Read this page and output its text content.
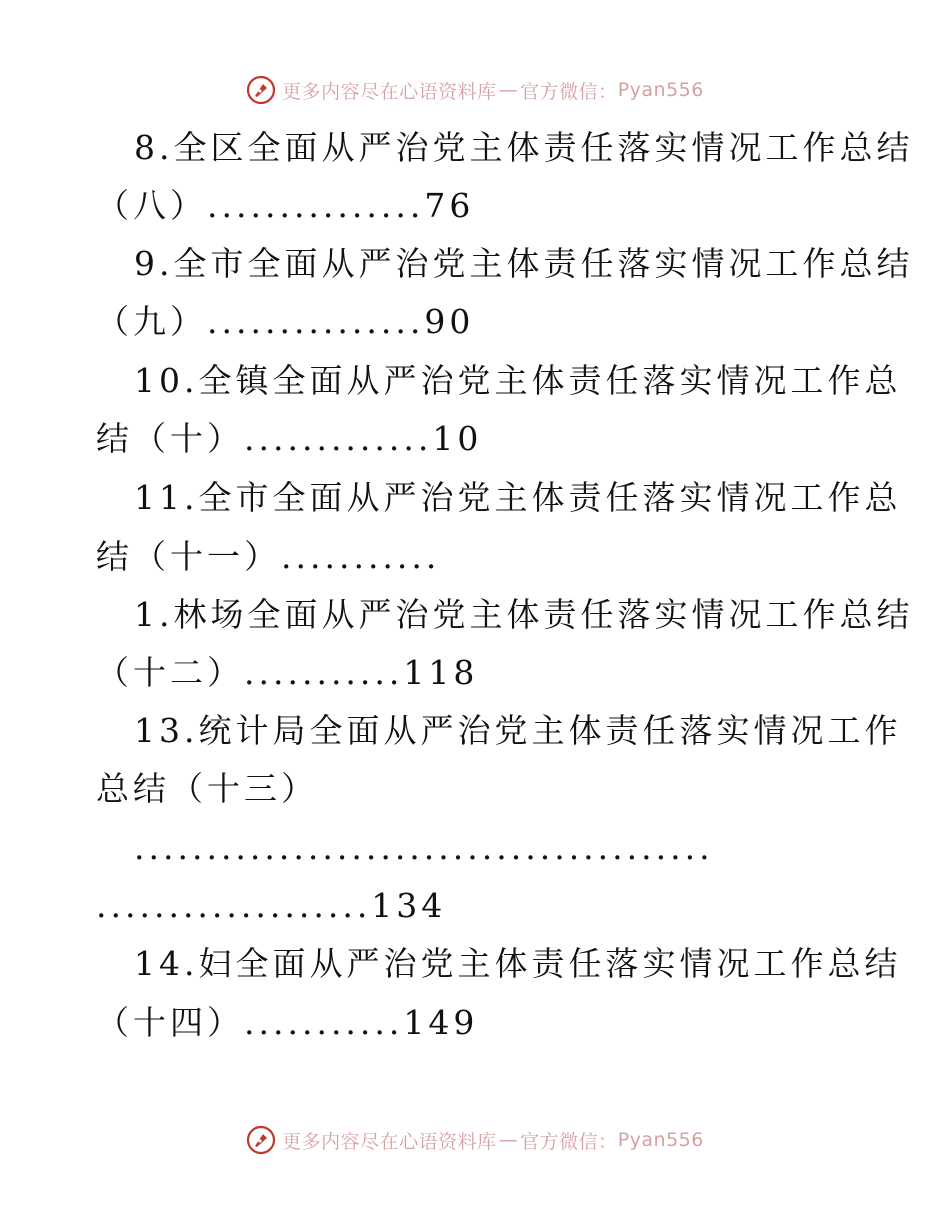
更多内容尽在心语资料库 — 官方微信： Pyan556
8.全区全面从严治党主体责任落实情况工作总结
（八）...............76
9.全市全面从严治党主体责任落实情况工作总结
（九）...............90
10.全镇全面从严治党主体责任落实情况工作总
结（十）.............10
11.全市全面从严治党主体责任落实情况工作总
结（十一）...........
1.林场全面从严治党主体责任落实情况工作总结
（十二）...........118
13.统计局全面从严治党主体责任落实情况工作
总结（十三）
........................................
...................134
14.妇全面从严治党主体责任落实情况工作总结
（十四）...........149
更多内容尽在心语资料库 — 官方微信： Pyan556
